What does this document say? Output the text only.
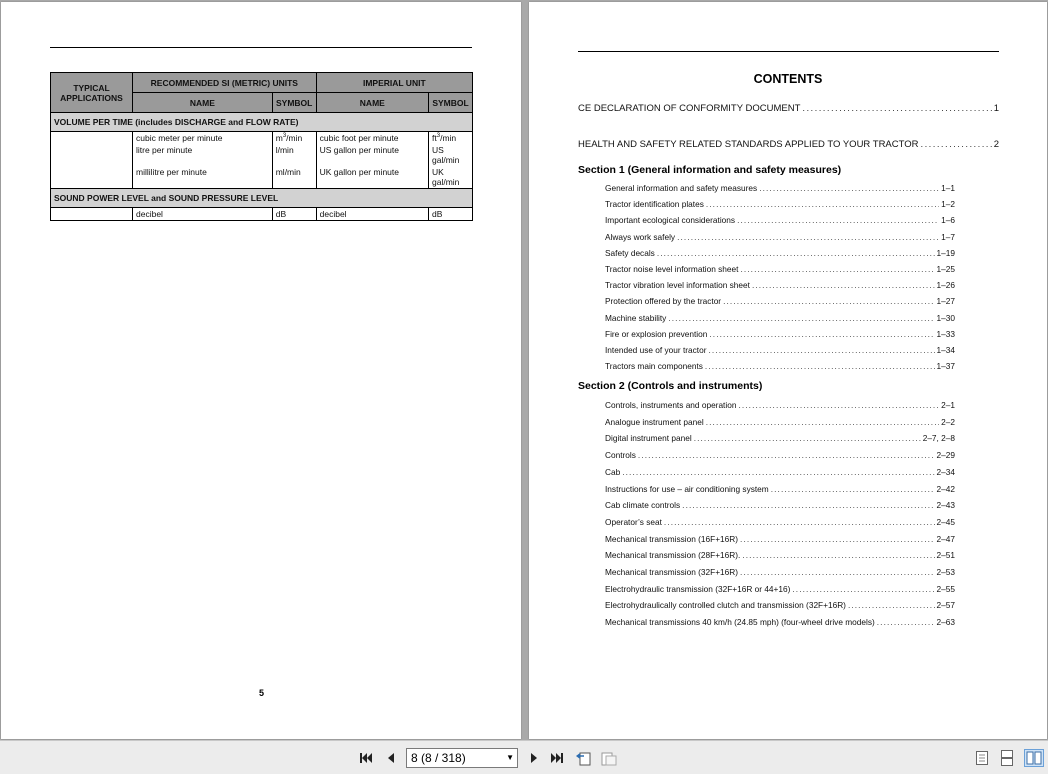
TYPICAL APPLICATIONS	RECOMMENDED SI (METRIC) UNITS		IMPERIAL UNIT	
	NAME	SYMBOL	NAME	SYMBOL
VOLUME PER TIME (includes DISCHARGE and FLOW RATE)				
	cubic meter per minute	$m^3/\min$	cubic foot per minute	$ft^3/\min$
	litre per minute	l/min	US gallon per minute	US gal/min
	millilitre per minute	ml/min	UK gallon per minute	UK gal/min
SOUND POWER LEVEL and SOUND PRESSURE LEVEL				
	decibel	dB	decibel	dB
5
CONTENTS
CE DECLARATION OF CONFORMITY DOCUMENT . . .	1
HEALTH AND SAFETY RELATED STANDARDS APPLIED TO YOUR TRACTOR . . .	2
Section 1 (General information and safety measures)
General information and safety measures . . .	1–1
Tractor identification plates . . .	1–2
Important ecological considerations . . .	1–6
Always work safely . . .	1–7
Safety decals . . .	1–19
Tractor noise level information sheet . . .	1–25
Tractor vibration level information sheet . . .	1–26
Protection offered by the tractor . . .	1–27
Machine stability . . .	1–30
Fire or explosion prevention . . .	1–33
Intended use of your tractor . . .	1–34
Tractors main components . . .	1–37
Section 2 (Controls and instruments)
Controls, instruments and operation . . .	2–1
Analogue instrument panel . . .	2–2
Digital instrument panel . . .	2–7, 2–8
Controls . . .	2–29
Cab . . .	2–34
Instructions for use – air conditioning system . . .	2–42
Cab climate controls . . .	2–43
Operator’s seat . . .	2–45
Mechanical transmission (16F+16R) . . .	2–47
Mechanical transmission (28F+16R). . . .	2–51
Mechanical transmission (32F+16R) . . .	2–53
Electrohydraulic transmission (32F+16R or 44+16) . . .	2–55
Electrohydraulically controlled clutch and transmission (32F+16R) . . .	2–57
Mechanical transmissions 40 km/h (24.85 mph) (four-wheel drive models) . . .	2–63
8 (8 / 318)	▼
